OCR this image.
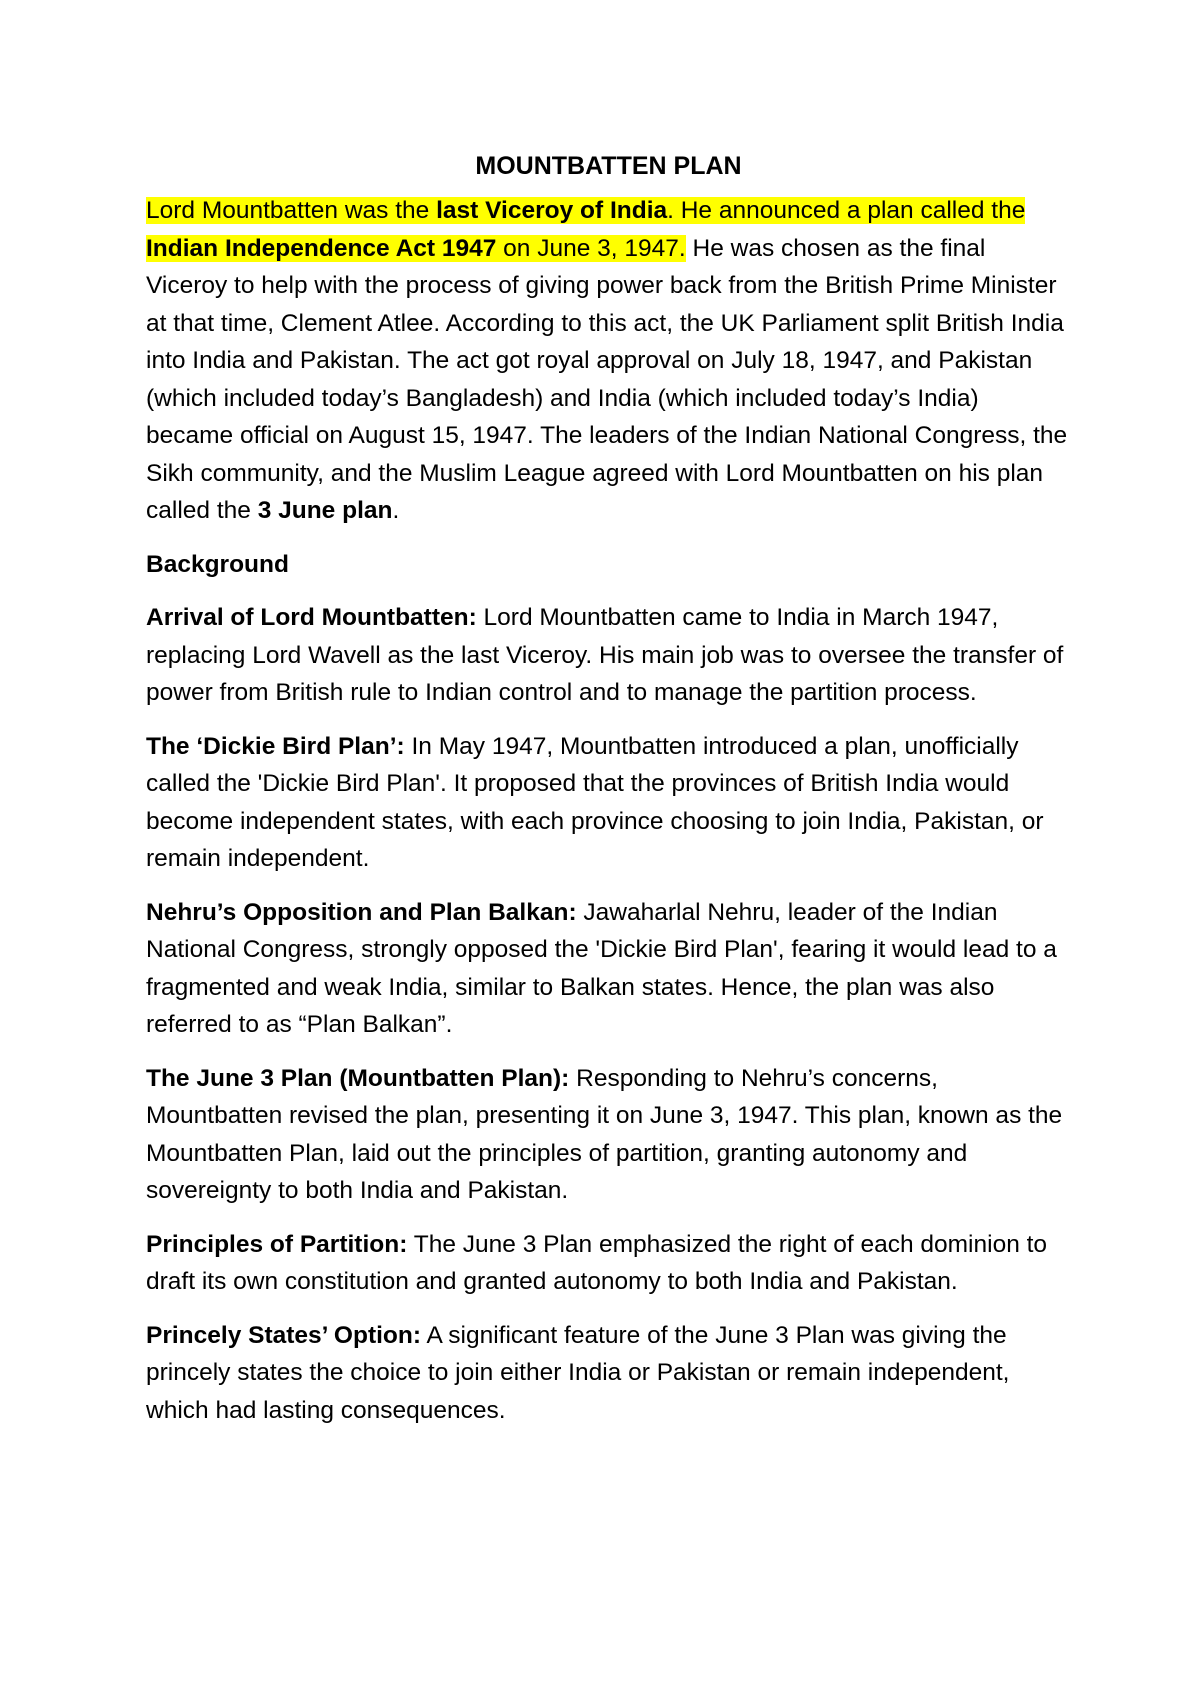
MOUNTBATTEN PLAN

Lord Mountbatten was the last Viceroy of India. He announced a plan called the Indian Independence Act 1947 on June 3, 1947. He was chosen as the final Viceroy to help with the process of giving power back from the British Prime Minister at that time, Clement Atlee. According to this act, the UK Parliament split British India into India and Pakistan. The act got royal approval on July 18, 1947, and Pakistan (which included today’s Bangladesh) and India (which included today’s India) became official on August 15, 1947. The leaders of the Indian National Congress, the Sikh community, and the Muslim League agreed with Lord Mountbatten on his plan called the 3 June plan.

Background

Arrival of Lord Mountbatten: Lord Mountbatten came to India in March 1947, replacing Lord Wavell as the last Viceroy. His main job was to oversee the transfer of power from British rule to Indian control and to manage the partition process.

The ‘Dickie Bird Plan’: In May 1947, Mountbatten introduced a plan, unofficially called the 'Dickie Bird Plan'. It proposed that the provinces of British India would become independent states, with each province choosing to join India, Pakistan, or remain independent.

Nehru’s Opposition and Plan Balkan: Jawaharlal Nehru, leader of the Indian National Congress, strongly opposed the 'Dickie Bird Plan', fearing it would lead to a fragmented and weak India, similar to Balkan states. Hence, the plan was also referred to as “Plan Balkan”.

The June 3 Plan (Mountbatten Plan): Responding to Nehru’s concerns, Mountbatten revised the plan, presenting it on June 3, 1947. This plan, known as the Mountbatten Plan, laid out the principles of partition, granting autonomy and sovereignty to both India and Pakistan.

Principles of Partition: The June 3 Plan emphasized the right of each dominion to draft its own constitution and granted autonomy to both India and Pakistan.

Princely States’ Option: A significant feature of the June 3 Plan was giving the princely states the choice to join either India or Pakistan or remain independent, which had lasting consequences.
